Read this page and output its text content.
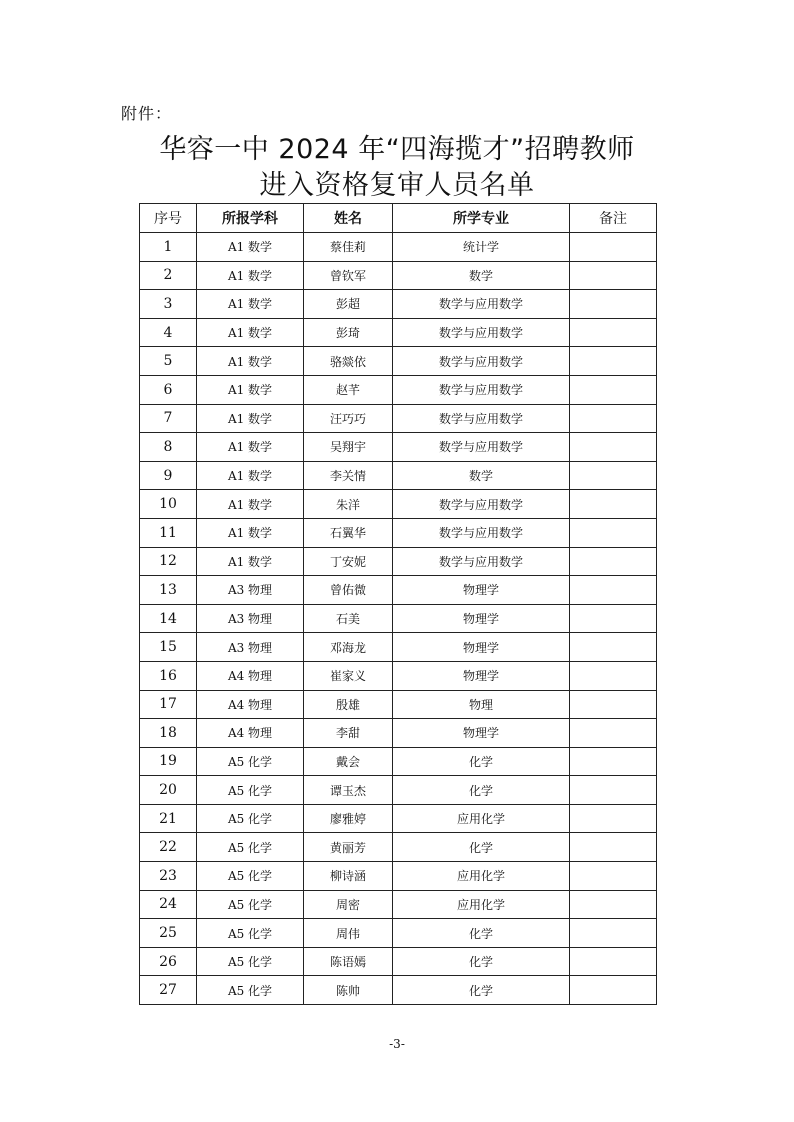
附件：
华容一中 2024 年“四海揽才”招聘教师
进入资格复审人员名单
序号	所报学科	姓名	所学专业	备注
1	A1 数学	蔡佳莉	统计学	
2	A1 数学	曾钦军	数学	
3	A1 数学	彭超	数学与应用数学	
4	A1 数学	彭琦	数学与应用数学	
5	A1 数学	骆燚依	数学与应用数学	
6	A1 数学	赵芊	数学与应用数学	
7	A1 数学	汪巧巧	数学与应用数学	
8	A1 数学	吴翔宇	数学与应用数学	
9	A1 数学	李关情	数学	
10	A1 数学	朱洋	数学与应用数学	
11	A1 数学	石翼华	数学与应用数学	
12	A1 数学	丁安妮	数学与应用数学	
13	A3 物理	曾佑微	物理学	
14	A3 物理	石美	物理学	
15	A3 物理	邓海龙	物理学	
16	A4 物理	崔家义	物理学	
17	A4 物理	殷雄	物理	
18	A4 物理	李甜	物理学	
19	A5 化学	戴会	化学	
20	A5 化学	谭玉杰	化学	
21	A5 化学	廖雅婷	应用化学	
22	A5 化学	黄丽芳	化学	
23	A5 化学	柳诗涵	应用化学	
24	A5 化学	周密	应用化学	
25	A5 化学	周伟	化学	
26	A5 化学	陈语嫣	化学	
27	A5 化学	陈帅	化学	
-3-
